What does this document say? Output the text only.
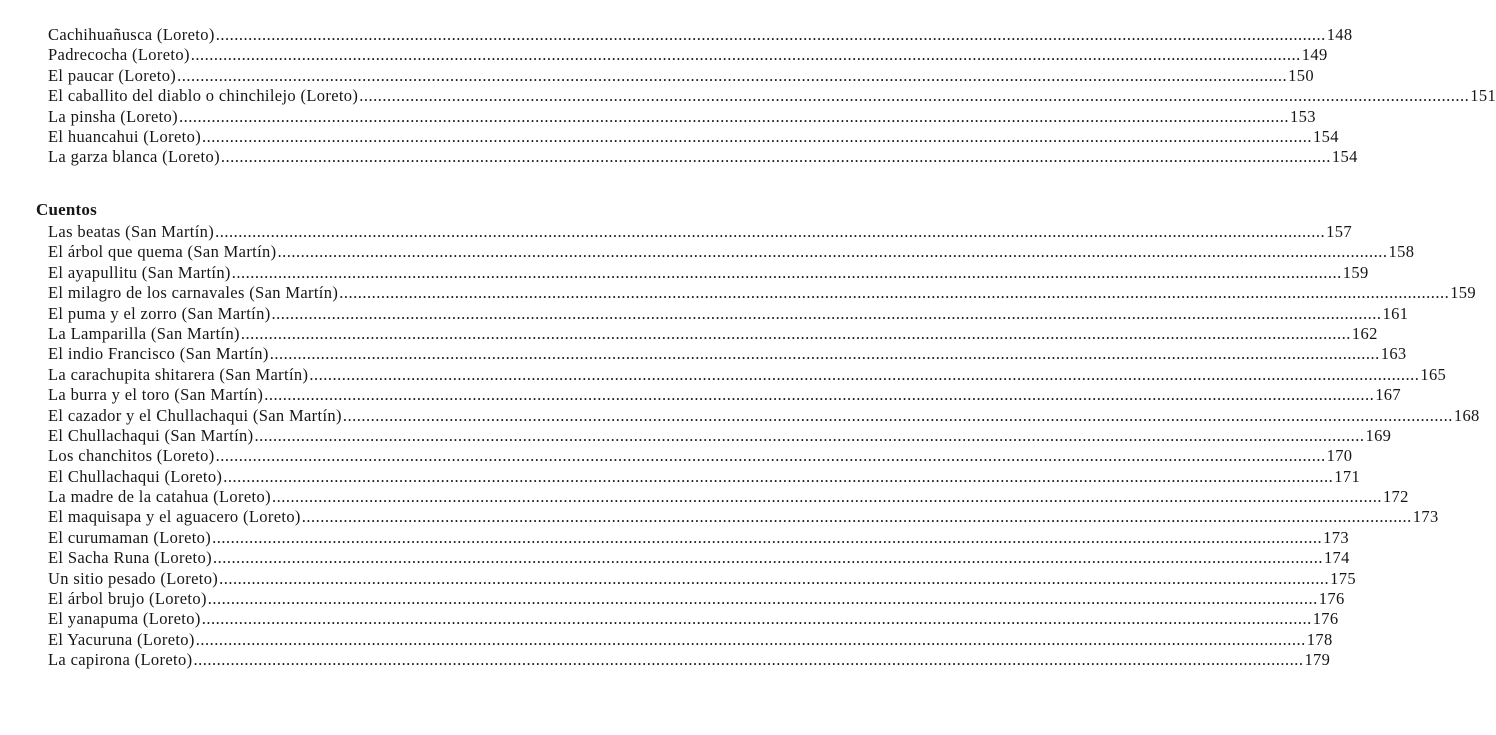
Cachihuañusca (Loreto) ................................................................................................................................................................................................................................................ 148
Padrecocha (Loreto) ................................................................................................................................................................................................................................................ 149
El paucar (Loreto) ................................................................................................................................................................................................................................................ 150
El caballito del diablo o chinchilejo (Loreto) ................................................................................................................................................................................................................................................ 151
La pinsha (Loreto) ................................................................................................................................................................................................................................................ 153
El huancahui (Loreto) ................................................................................................................................................................................................................................................ 154
La garza blanca (Loreto) ................................................................................................................................................................................................................................................ 154
Cuentos
Las beatas (San Martín) ................................................................................................................................................................................................................................................ 157
El árbol que quema (San Martín) ................................................................................................................................................................................................................................................ 158
El ayapullitu (San Martín) ................................................................................................................................................................................................................................................ 159
El milagro de los carnavales (San Martín) ................................................................................................................................................................................................................................................ 159
El puma y el zorro (San Martín) ................................................................................................................................................................................................................................................ 161
La Lamparilla (San Martín) ................................................................................................................................................................................................................................................ 162
El indio Francisco (San Martín) ................................................................................................................................................................................................................................................ 163
La carachupita shitarera (San Martín) ................................................................................................................................................................................................................................................ 165
La burra y el toro (San Martín) ................................................................................................................................................................................................................................................ 167
El cazador y el Chullachaqui (San Martín) ................................................................................................................................................................................................................................................ 168
El Chullachaqui (San Martín) ................................................................................................................................................................................................................................................ 169
Los chanchitos (Loreto) ................................................................................................................................................................................................................................................ 170
El Chullachaqui (Loreto) ................................................................................................................................................................................................................................................ 171
La madre de la catahua (Loreto) ................................................................................................................................................................................................................................................ 172
El maquisapa y el aguacero (Loreto) ................................................................................................................................................................................................................................................ 173
El curumaman (Loreto) ................................................................................................................................................................................................................................................ 173
El Sacha Runa (Loreto) ................................................................................................................................................................................................................................................ 174
Un sitio pesado (Loreto) ................................................................................................................................................................................................................................................ 175
El árbol brujo (Loreto) ................................................................................................................................................................................................................................................ 176
El yanapuma (Loreto) ................................................................................................................................................................................................................................................ 176
El Yacuruna (Loreto) ................................................................................................................................................................................................................................................ 178
La capirona (Loreto) ................................................................................................................................................................................................................................................ 179
